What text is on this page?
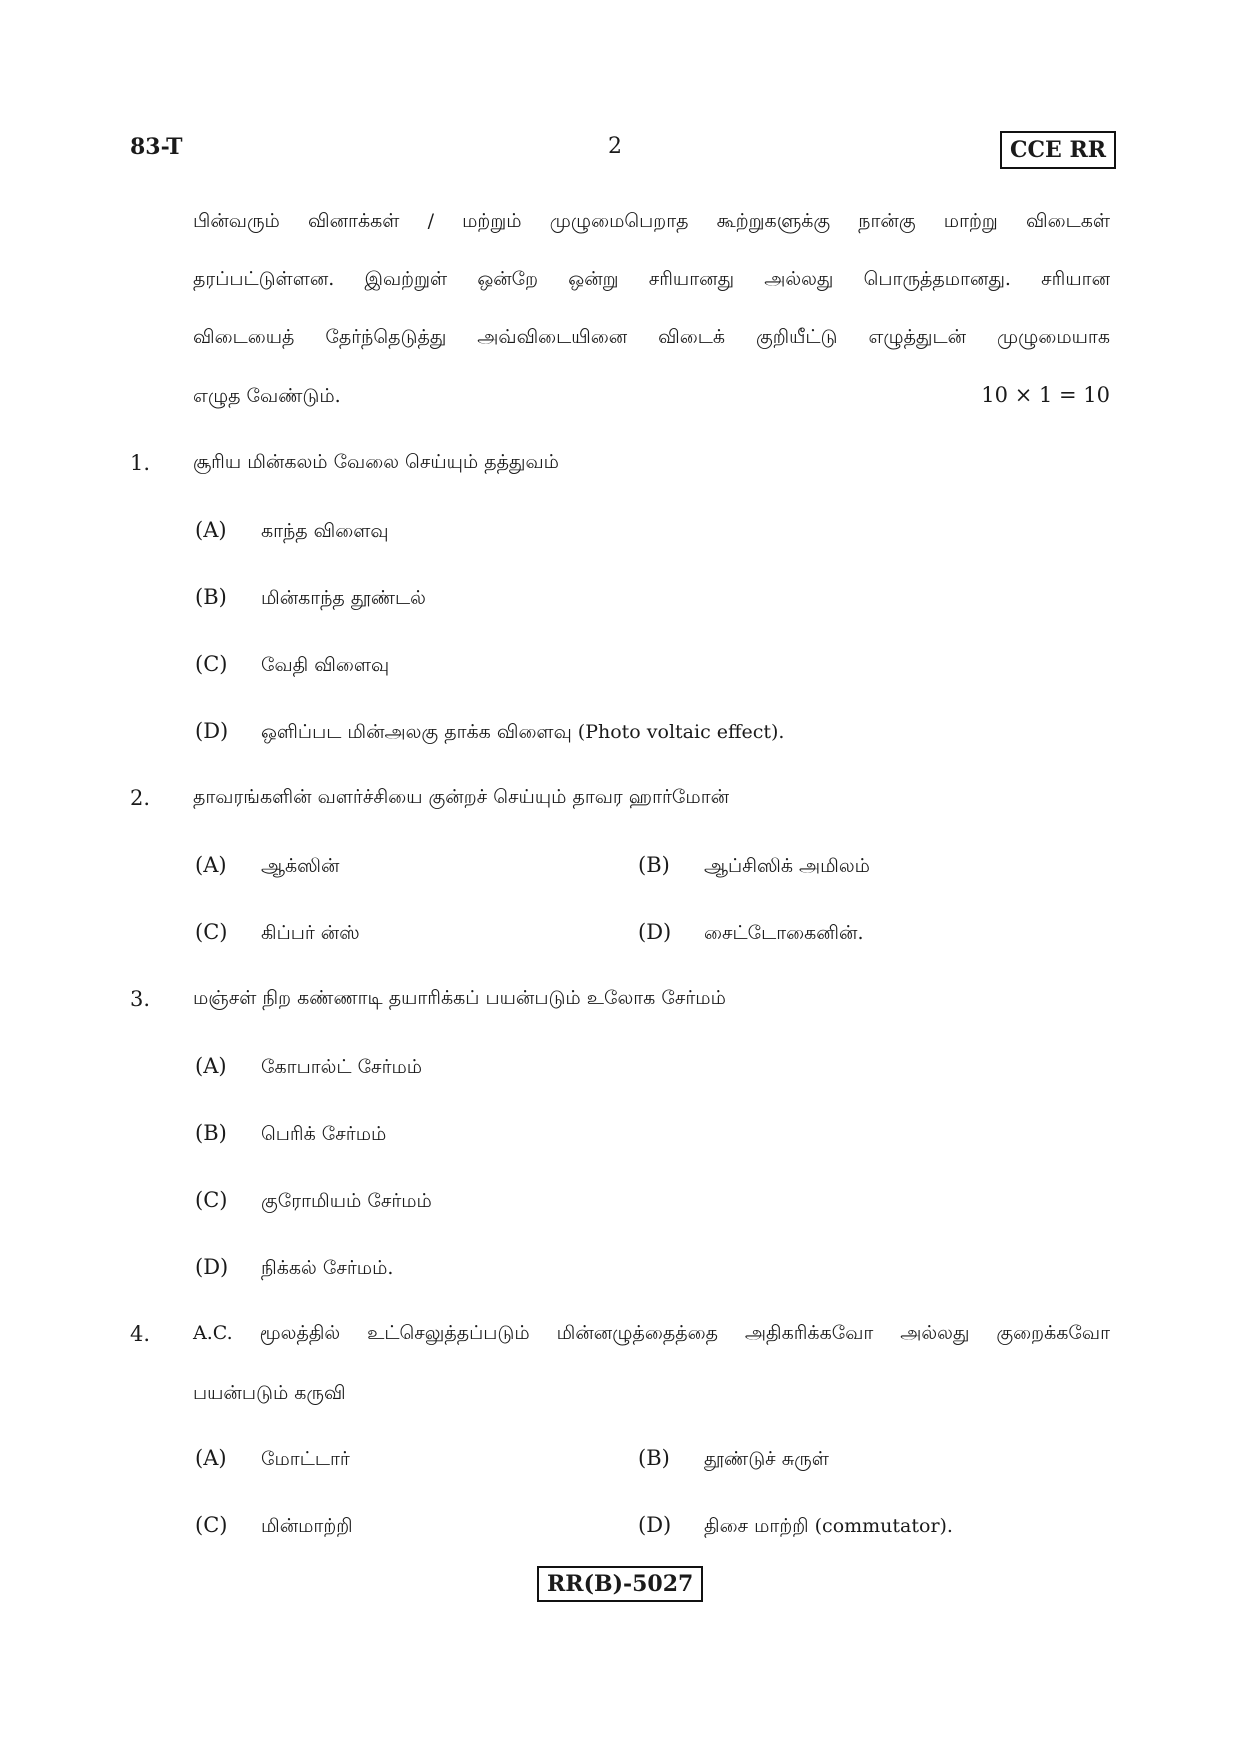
83-T	2	CCE RR
பின்வரும் வினாக்கள் / மற்றும் முழுமைபெறாத கூற்றுகளுக்கு நான்கு மாற்று விடைகள்
தரப்பட்டுள்ளன. இவற்றுள் ஒன்றே ஒன்று சரியானது அல்லது பொருத்தமானது. சரியான
விடையைத் தேர்ந்தெடுத்து அவ்விடையினை விடைக் குறியீட்டு எழுத்துடன் முழுமையாக
எழுத வேண்டும்.	10 × 1 = 10
1. சூரிய மின்கலம் வேலை செய்யும் தத்துவம்
(A) காந்த விளைவு
(B) மின்காந்த தூண்டல்
(C) வேதி விளைவு
(D) ஒளிப்பட மின்அலகு தாக்க விளைவு (Photo voltaic effect).
2. தாவரங்களின் வளர்ச்சியை குன்றச் செய்யும் தாவர ஹார்மோன்
(A) ஆக்ஸின்	(B) ஆப்சிஸிக் அமிலம்
(C) கிப்பர் ன்ஸ்	(D) சைட்டோகைனின்.
3. மஞ்சள் நிற கண்ணாடி தயாரிக்கப் பயன்படும் உலோக சேர்மம்
(A) கோபால்ட் சேர்மம்
(B) பெரிக் சேர்மம்
(C) குரோமியம் சேர்மம்
(D) நிக்கல் சேர்மம்.
4. A.C. மூலத்தில் உட்செலுத்தப்படும் மின்னழுத்தைத்தை அதிகரிக்கவோ அல்லது குறைக்கவோ
பயன்படும் கருவி
(A) மோட்டார்	(B) தூண்டுச் சுருள்
(C) மின்மாற்றி	(D) திசை மாற்றி (commutator).
RR(B)-5027
